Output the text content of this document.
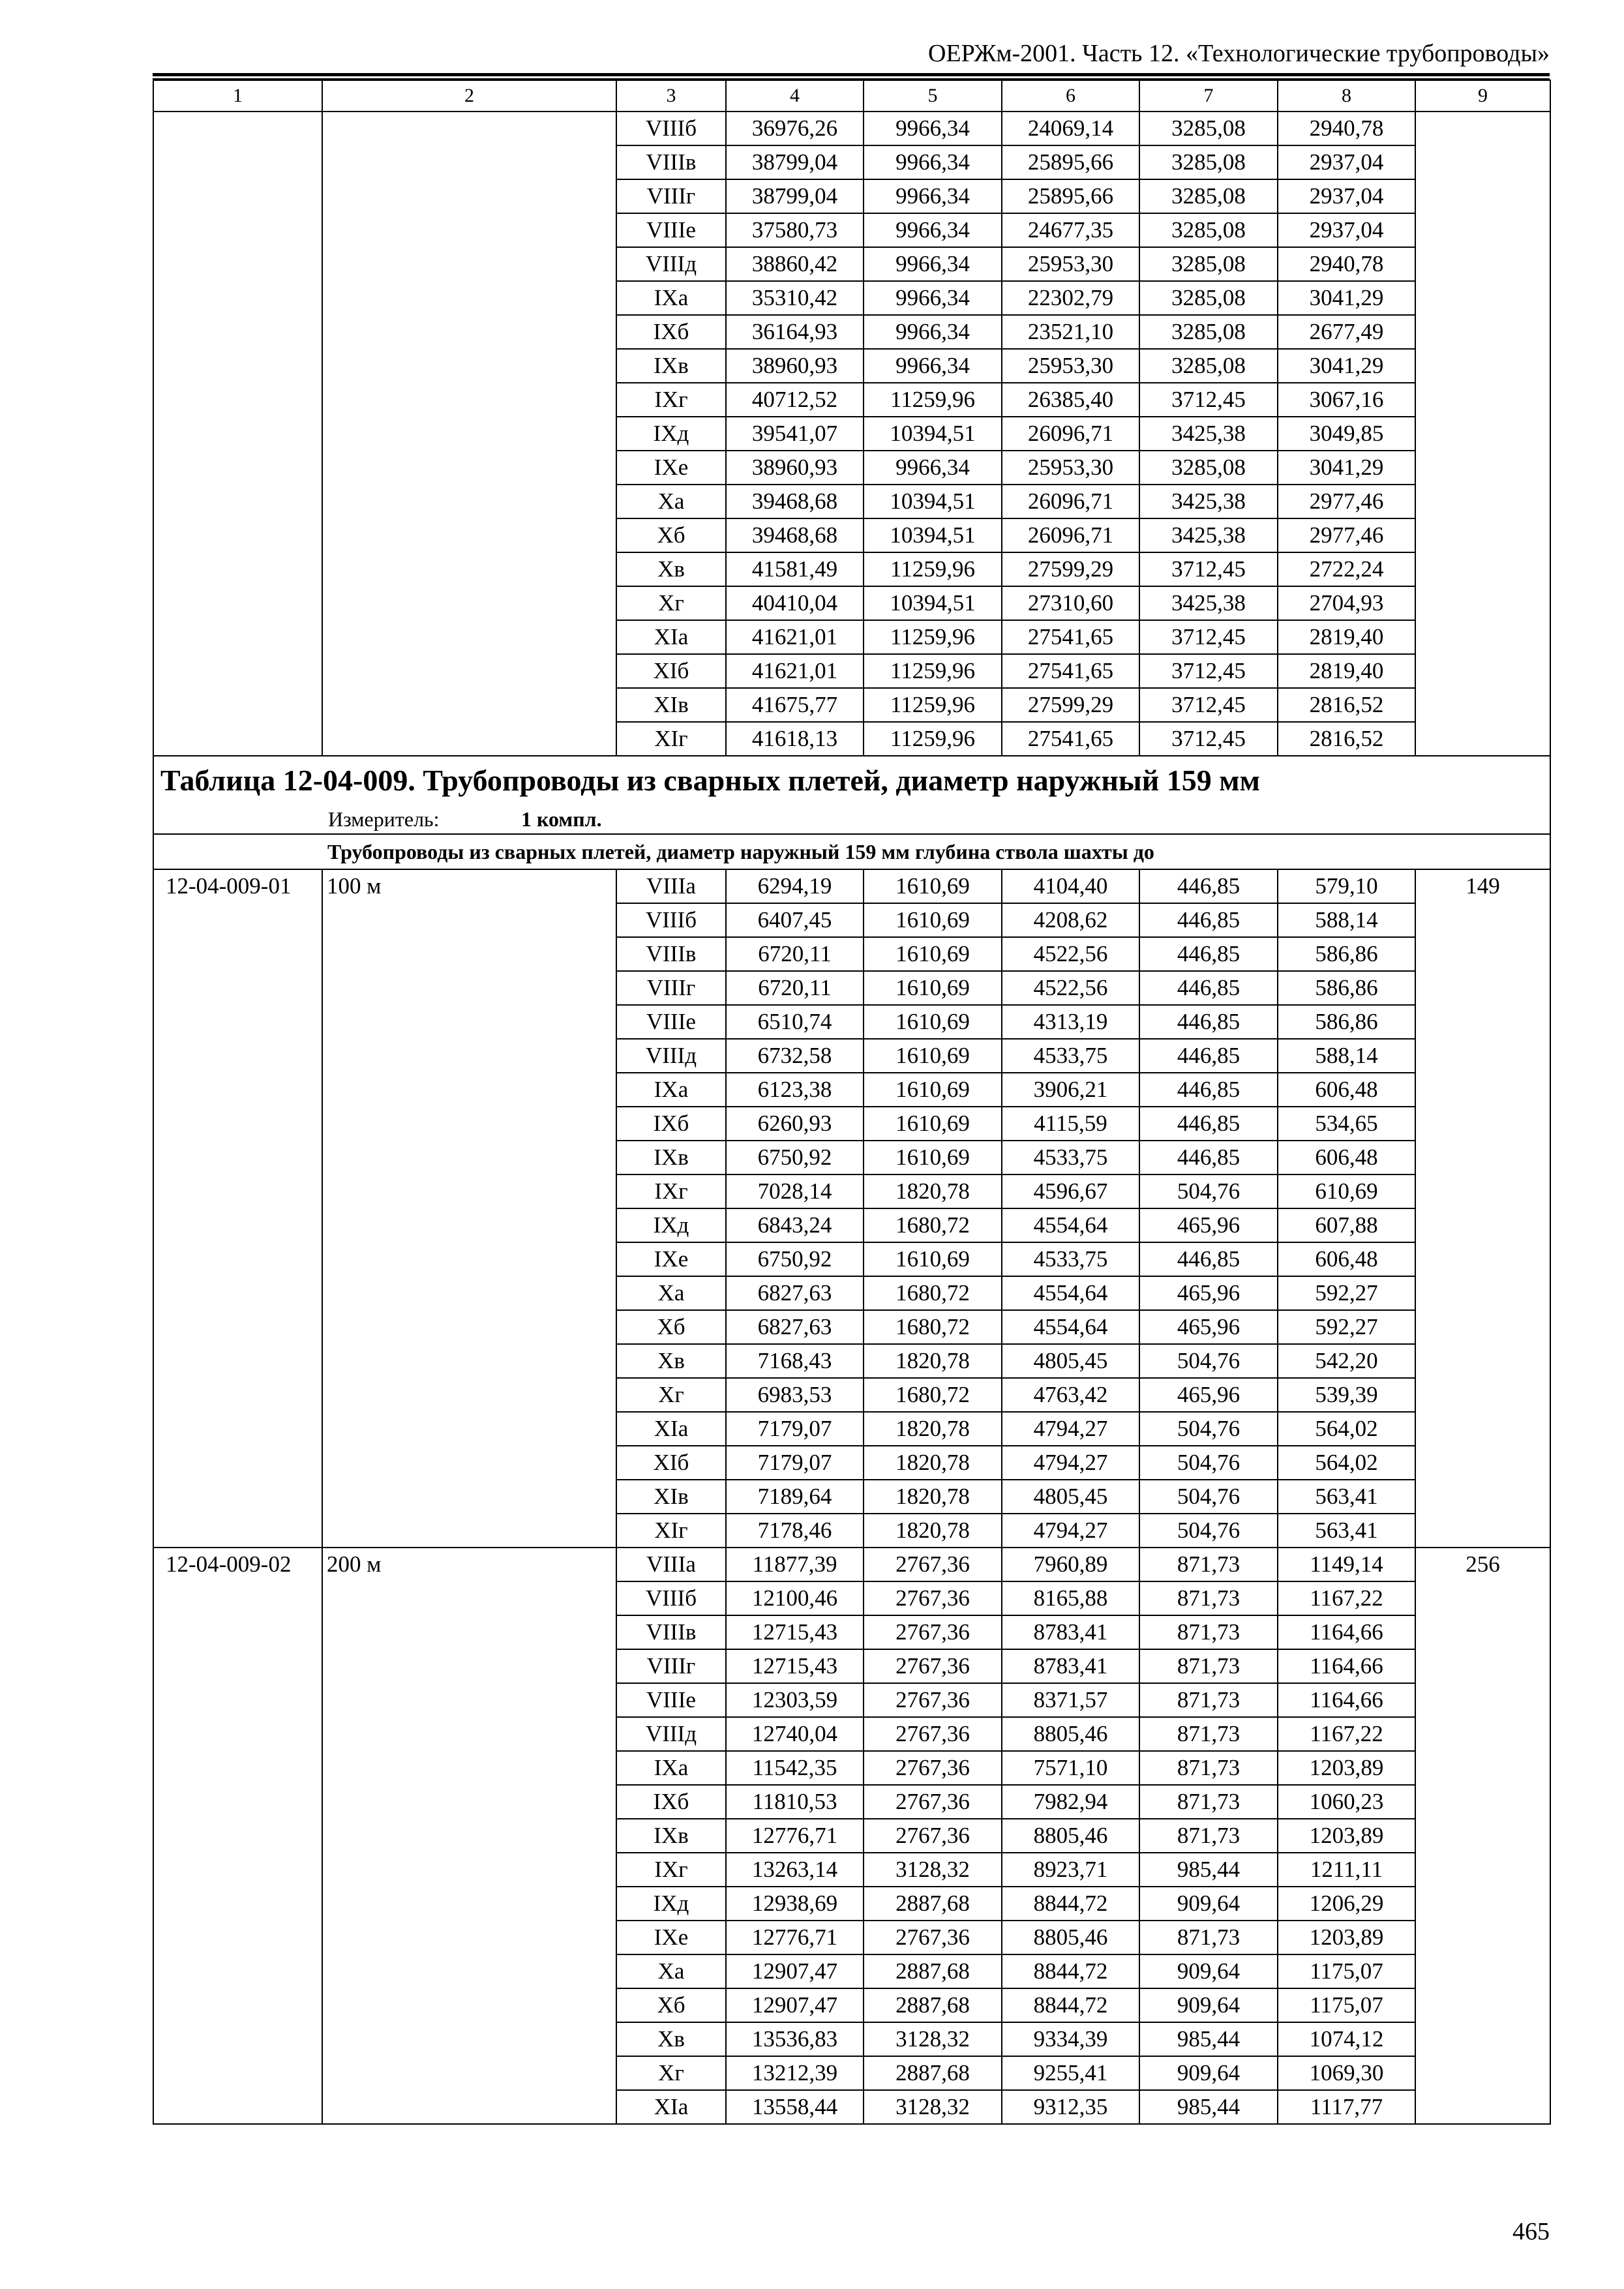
ОЕРЖм-2001. Часть 12. «Технологические трубопроводы»
1	2	3	4	5	6	7	8	9
		VIIIб	36976,26	9966,34	24069,14	3285,08	2940,78	
		VIIIв	38799,04	9966,34	25895,66	3285,08	2937,04	
		VIIIг	38799,04	9966,34	25895,66	3285,08	2937,04	
		VIIIе	37580,73	9966,34	24677,35	3285,08	2937,04	
		VIIIд	38860,42	9966,34	25953,30	3285,08	2940,78	
		IXа	35310,42	9966,34	22302,79	3285,08	3041,29	
		IXб	36164,93	9966,34	23521,10	3285,08	2677,49	
		IXв	38960,93	9966,34	25953,30	3285,08	3041,29	
		IXг	40712,52	11259,96	26385,40	3712,45	3067,16	
		IXд	39541,07	10394,51	26096,71	3425,38	3049,85	
		IXе	38960,93	9966,34	25953,30	3285,08	3041,29	
		Xа	39468,68	10394,51	26096,71	3425,38	2977,46	
		Xб	39468,68	10394,51	26096,71	3425,38	2977,46	
		Xв	41581,49	11259,96	27599,29	3712,45	2722,24	
		Xг	40410,04	10394,51	27310,60	3425,38	2704,93	
		XIа	41621,01	11259,96	27541,65	3712,45	2819,40	
		XIб	41621,01	11259,96	27541,65	3712,45	2819,40	
		XIв	41675,77	11259,96	27599,29	3712,45	2816,52	
		XIг	41618,13	11259,96	27541,65	3712,45	2816,52	
Таблица 12-04-009. Трубопроводы из сварных плетей, диаметр наружный 159 мм								
Измеритель: 1 компл.								
Трубопроводы из сварных плетей, диаметр наружный 159 мм глубина ствола шахты до								
12-04-009-01	100 м	VIIIа	6294,19	1610,69	4104,40	446,85	579,10	149
		VIIIб	6407,45	1610,69	4208,62	446,85	588,14	
		VIIIв	6720,11	1610,69	4522,56	446,85	586,86	
		VIIIг	6720,11	1610,69	4522,56	446,85	586,86	
		VIIIе	6510,74	1610,69	4313,19	446,85	586,86	
		VIIIд	6732,58	1610,69	4533,75	446,85	588,14	
		IXа	6123,38	1610,69	3906,21	446,85	606,48	
		IXб	6260,93	1610,69	4115,59	446,85	534,65	
		IXв	6750,92	1610,69	4533,75	446,85	606,48	
		IXг	7028,14	1820,78	4596,67	504,76	610,69	
		IXд	6843,24	1680,72	4554,64	465,96	607,88	
		IXе	6750,92	1610,69	4533,75	446,85	606,48	
		Xа	6827,63	1680,72	4554,64	465,96	592,27	
		Xб	6827,63	1680,72	4554,64	465,96	592,27	
		Xв	7168,43	1820,78	4805,45	504,76	542,20	
		Xг	6983,53	1680,72	4763,42	465,96	539,39	
		XIа	7179,07	1820,78	4794,27	504,76	564,02	
		XIб	7179,07	1820,78	4794,27	504,76	564,02	
		XIв	7189,64	1820,78	4805,45	504,76	563,41	
		XIг	7178,46	1820,78	4794,27	504,76	563,41	
12-04-009-02	200 м	VIIIа	11877,39	2767,36	7960,89	871,73	1149,14	256
		VIIIб	12100,46	2767,36	8165,88	871,73	1167,22	
		VIIIв	12715,43	2767,36	8783,41	871,73	1164,66	
		VIIIг	12715,43	2767,36	8783,41	871,73	1164,66	
		VIIIе	12303,59	2767,36	8371,57	871,73	1164,66	
		VIIIд	12740,04	2767,36	8805,46	871,73	1167,22	
		IXа	11542,35	2767,36	7571,10	871,73	1203,89	
		IXб	11810,53	2767,36	7982,94	871,73	1060,23	
		IXв	12776,71	2767,36	8805,46	871,73	1203,89	
		IXг	13263,14	3128,32	8923,71	985,44	1211,11	
		IXд	12938,69	2887,68	8844,72	909,64	1206,29	
		IXе	12776,71	2767,36	8805,46	871,73	1203,89	
		Xа	12907,47	2887,68	8844,72	909,64	1175,07	
		Xб	12907,47	2887,68	8844,72	909,64	1175,07	
		Xв	13536,83	3128,32	9334,39	985,44	1074,12	
		Xг	13212,39	2887,68	9255,41	909,64	1069,30	
		XIа	13558,44	3128,32	9312,35	985,44	1117,77	
465
